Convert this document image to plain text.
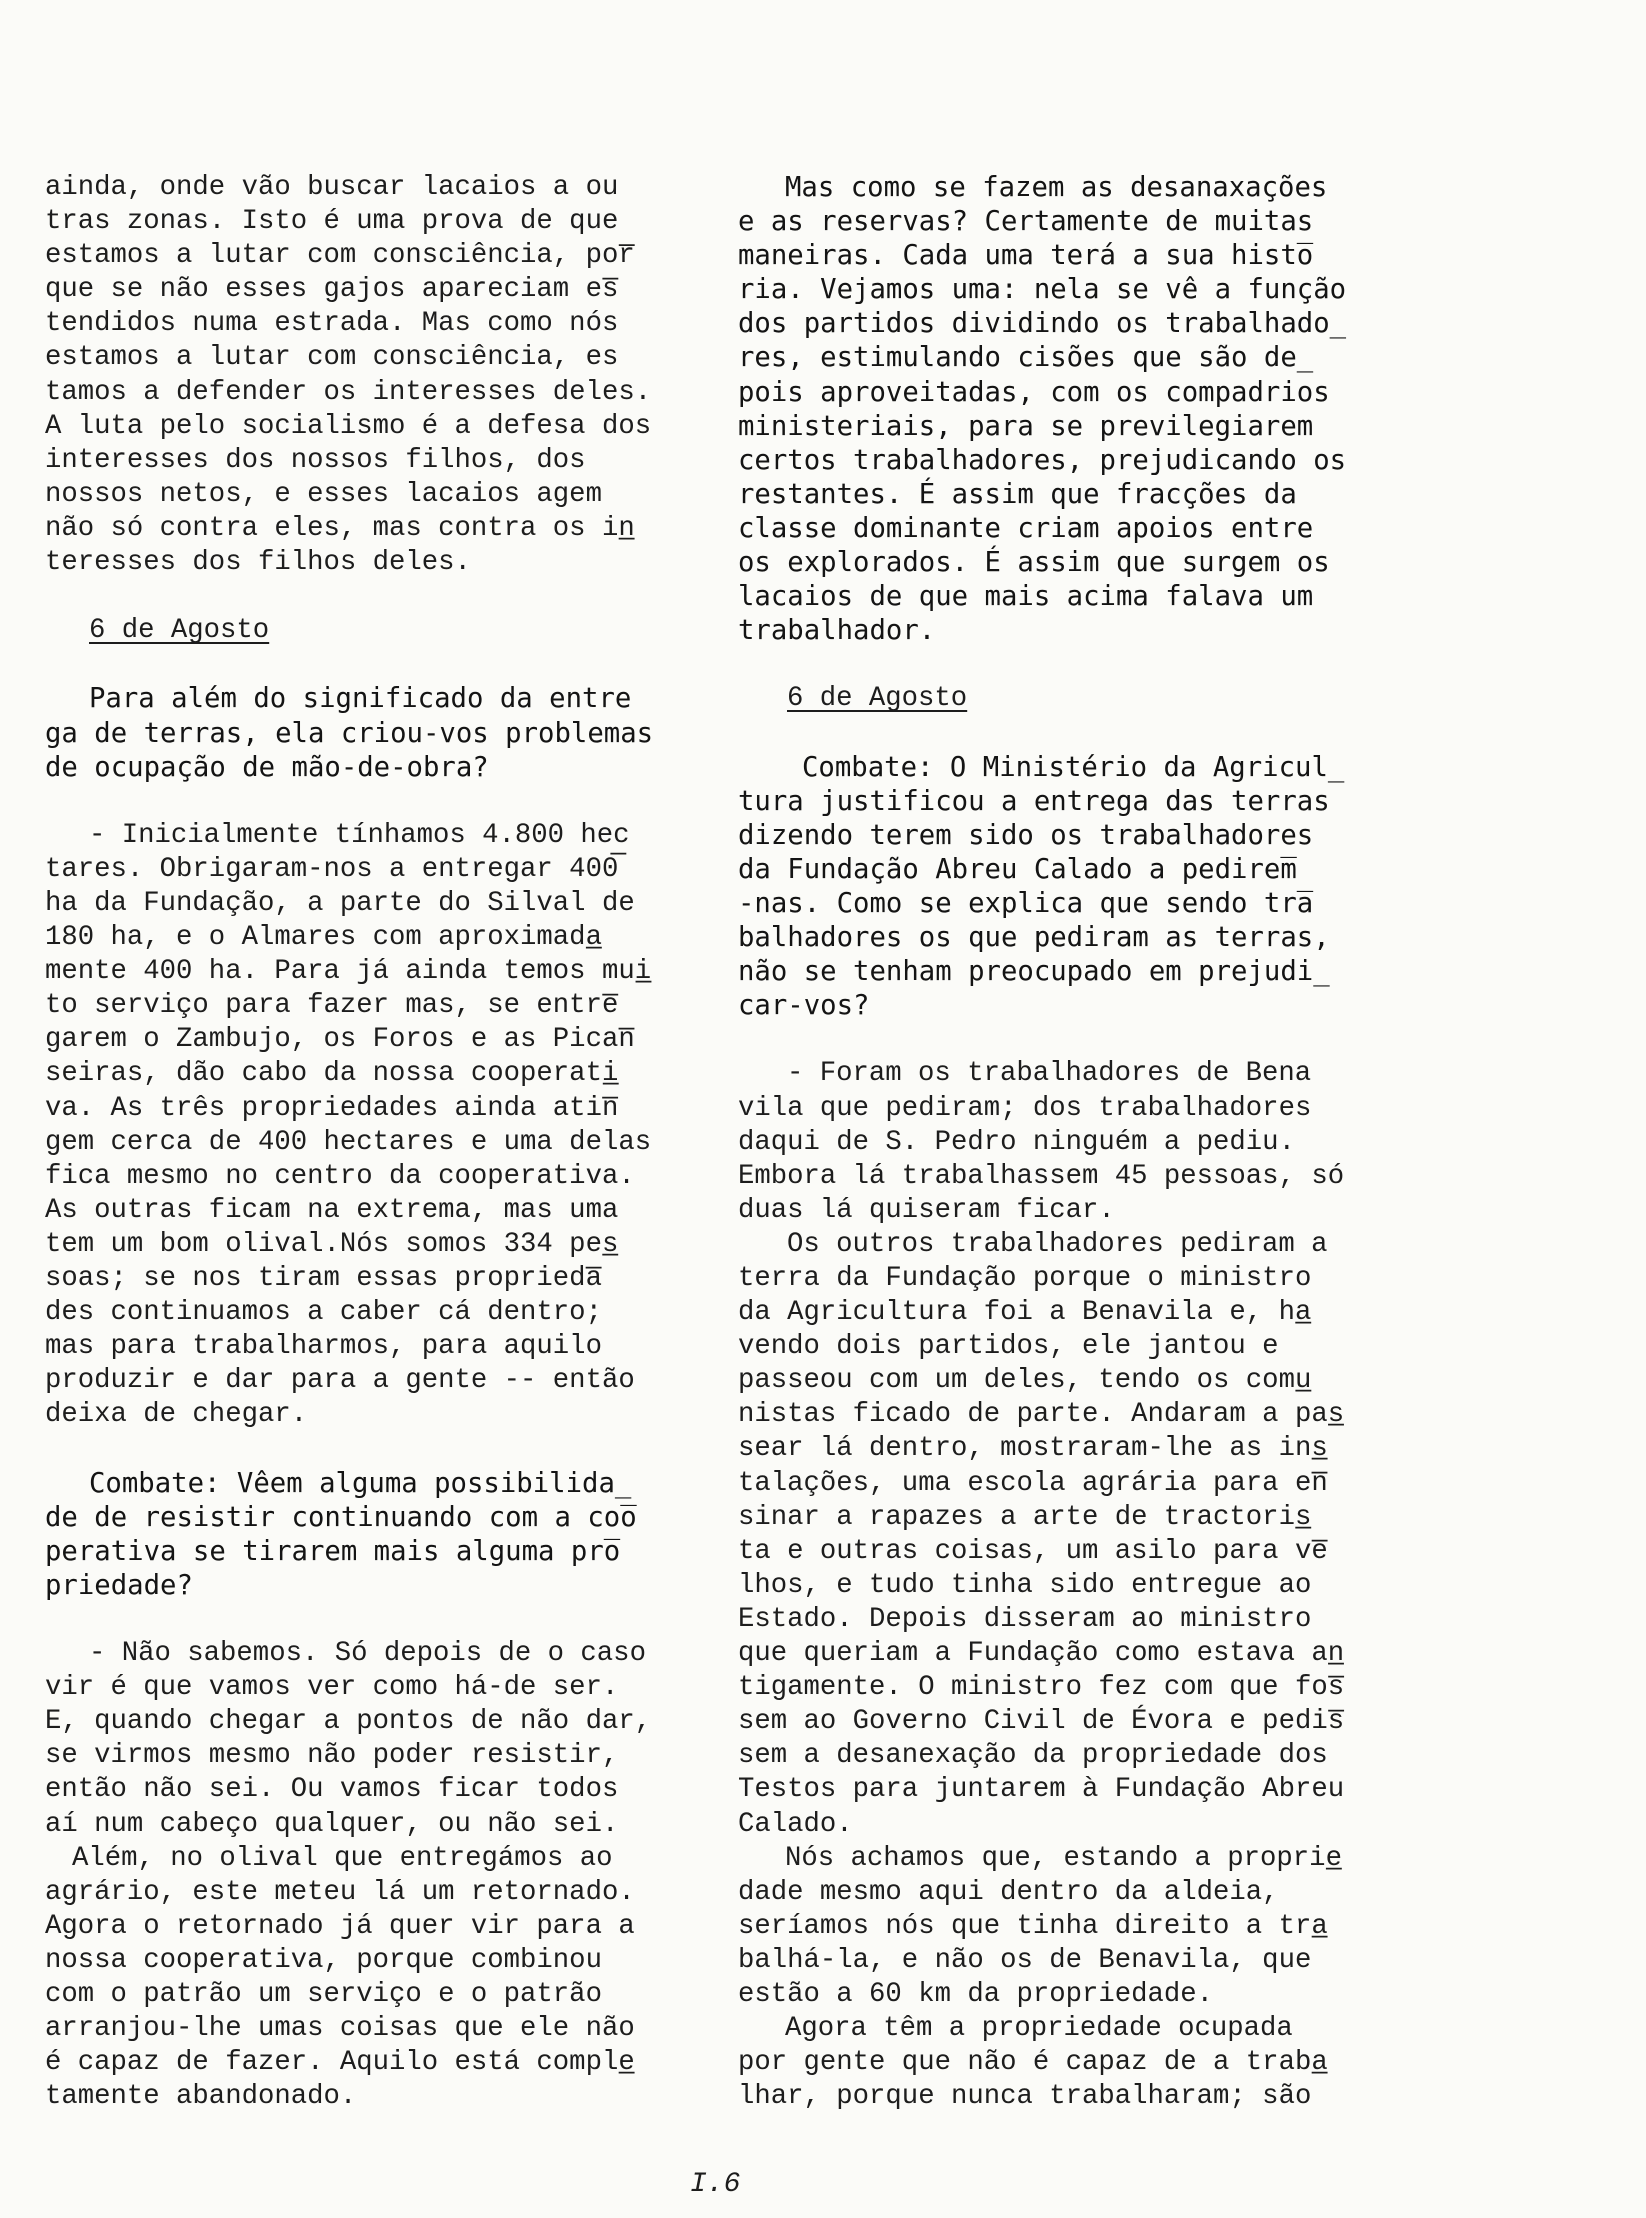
ainda, onde vão buscar lacaios a ou
tras zonas. Isto é uma prova de que
estamos a lutar com consciência, por̅
que se não esses gajos apareciam es̅
tendidos numa estrada. Mas como nós
estamos a lutar com consciência, es
tamos a defender os interesses deles.
A luta pelo socialismo é a defesa dos
interesses dos nossos filhos, dos
nossos netos, e esses lacaios agem
não só contra eles, mas contra os in̲
teresses dos filhos deles.
6 de Agosto
Para além do significado da entre
ga de terras, ela criou-vos problemas
de ocupação de mão-de-obra?
- Inicialmente tínhamos 4.800 hec
tares. Obrigaram-nos a entregar 400̅
ha da Fundação, a parte do Silval de
180 ha, e o Almares com aproximada̲
mente 400 ha. Para já ainda temos mui̲
to serviço para fazer mas, se entre̅
garem o Zambujo, os Foros e as Pican̅
seiras, dão cabo da nossa cooperati̲
va. As três propriedades ainda atin̅
gem cerca de 400 hectares e uma delas
fica mesmo no centro da cooperativa.
As outras ficam na extrema, mas uma
tem um bom olival.Nós somos 334 pes̲
soas; se nos tiram essas proprieda̅
des continuamos a caber cá dentro;
mas para trabalharmos, para aquilo
produzir e dar para a gente -- então
deixa de chegar.
Combate: Vêem alguma possibilida̲
de de resistir continuando com a coo̅
perativa se tirarem mais alguma pro̅
priedade?
- Não sabemos. Só depois de o caso
vir é que vamos ver como há-de ser.
E, quando chegar a pontos de não dar,
se virmos mesmo não poder resistir,
então não sei. Ou vamos ficar todos
aí num cabeço qualquer, ou não sei.
Além, no olival que entregámos ao
agrário, este meteu lá um retornado.
Agora o retornado já quer vir para a
nossa cooperativa, porque combinou
com o patrão um serviço e o patrão
arranjou-lhe umas coisas que ele não
é capaz de fazer. Aquilo está comple̲
tamente abandonado.
Mas como se fazem as desanaxações
e as reservas? Certamente de muitas
maneiras. Cada uma terá a sua histo̅
ria. Vejamos uma: nela se vê a função
dos partidos dividindo os trabalhado̲
res, estimulando cisões que são de̲
pois aproveitadas, com os compadrios
ministeriais, para se previlegiarem
certos trabalhadores, prejudicando os
restantes. É assim que fracções da
classe dominante criam apoios entre
os explorados. É assim que surgem os
lacaios de que mais acima falava um
trabalhador.
6 de Agosto
Combate: O Ministério da Agricul̲
tura justificou a entrega das terras
dizendo terem sido os trabalhadores
da Fundação Abreu Calado a pedirem̅
-nas. Como se explica que sendo tra̅
balhadores os que pediram as terras,
não se tenham preocupado em prejudi̲
car-vos?
- Foram os trabalhadores de Bena
vila que pediram; dos trabalhadores
daqui de S. Pedro ninguém a pediu.
Embora lá trabalhassem 45 pessoas, só
duas lá quiseram ficar.
Os outros trabalhadores pediram a
terra da Fundação porque o ministro
da Agricultura foi a Benavila e, ha̲
vendo dois partidos, ele jantou e
passeou com um deles, tendo os comu̲
nistas ficado de parte. Andaram a pas̲
sear lá dentro, mostraram-lhe as ins̲
talações, uma escola agrária para en̅
sinar a rapazes a arte de tractoris̲
ta e outras coisas, um asilo para ve̅
lhos, e tudo tinha sido entregue ao
Estado. Depois disseram ao ministro
que queriam a Fundação como estava an̲
tigamente. O ministro fez com que fos̅
sem ao Governo Civil de Évora e pedis̅
sem a desanexação da propriedade dos
Testos para juntarem à Fundação Abreu
Calado.
Nós achamos que, estando a proprie̲
dade mesmo aqui dentro da aldeia,
seríamos nós que tinha direito a tra̲
balhá-la, e não os de Benavila, que
estão a 60 km da propriedade.
Agora têm a propriedade ocupada
por gente que não é capaz de a traba̲
lhar, porque nunca trabalharam; são
I.6
